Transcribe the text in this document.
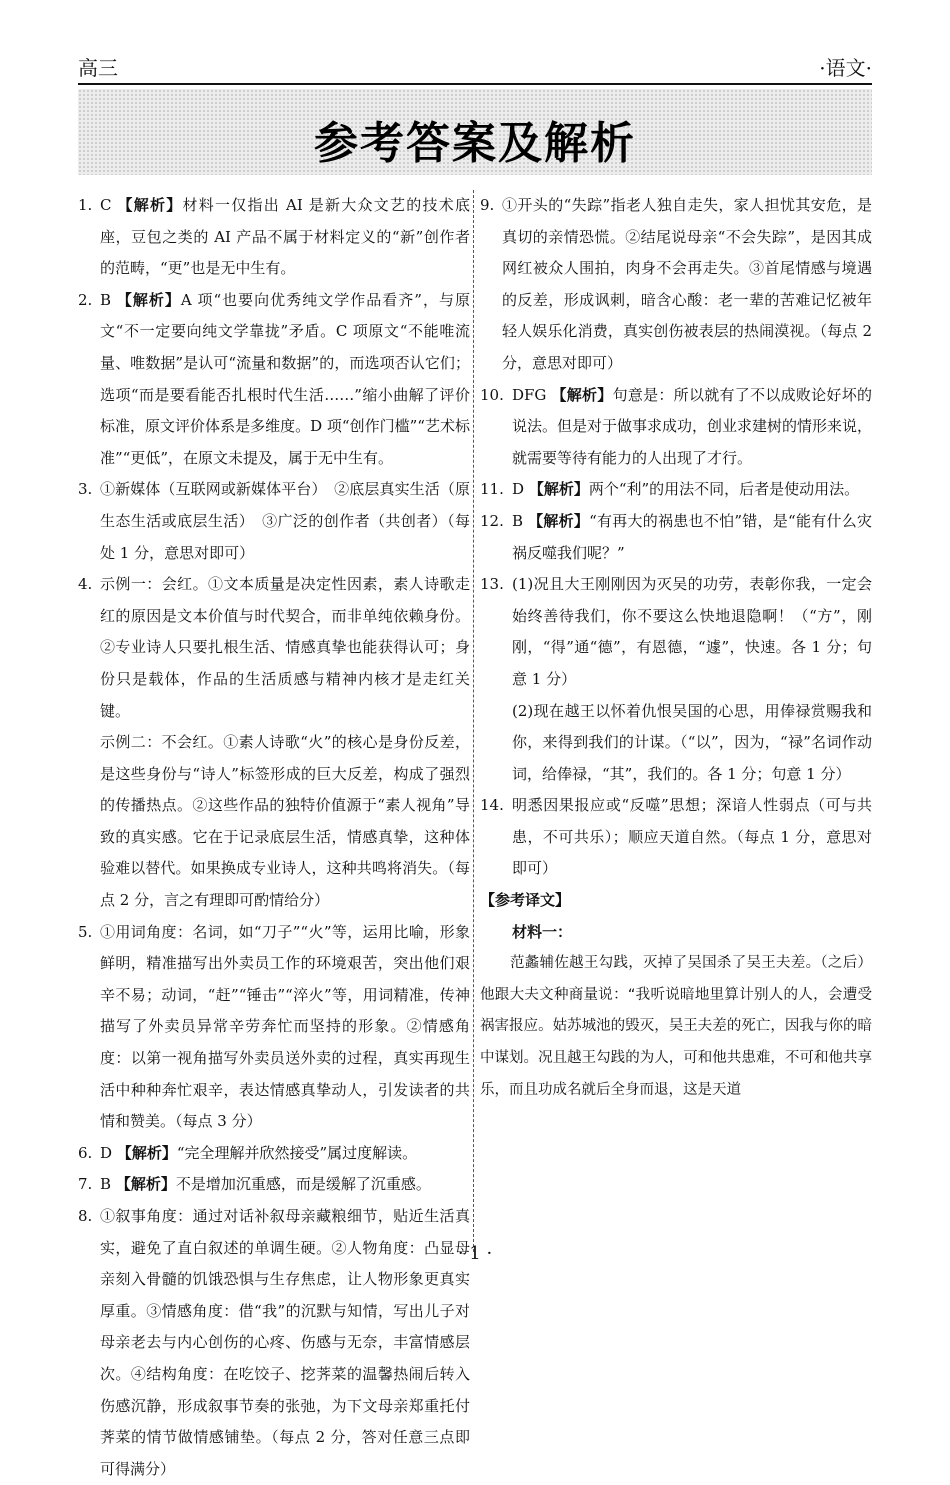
高三	·语文·
参考答案及解析
1. C 【解析】材料一仅指出 AI 是新大众文艺的技术底座，豆包之类的 AI 产品不属于材料定义的“新”创作者的范畴，“更”也是无中生有。
2. B 【解析】A 项“也要向优秀纯文学作品看齐”，与原文“不一定要向纯文学靠拢”矛盾。C 项原文“不能唯流量、唯数据”是认可“流量和数据”的，而选项否认它们；选项“而是要看能否扎根时代生活……”缩小曲解了评价标准，原文评价体系是多维度。D 项“创作门槛”“艺术标准”“更低”，在原文未提及，属于无中生有。
3. ①新媒体（互联网或新媒体平台）　②底层真实生活（原生态生活或底层生活）　③广泛的创作者（共创者）（每处 1 分，意思对即可）
4. 示例一：会红。①文本质量是决定性因素，素人诗歌走红的原因是文本价值与时代契合，而非单纯依赖身份。②专业诗人只要扎根生活、情感真挚也能获得认可；身份只是载体，作品的生活质感与精神内核才是走红关键。
示例二：不会红。①素人诗歌“火”的核心是身份反差，是这些身份与“诗人”标签形成的巨大反差，构成了强烈的传播热点。②这些作品的独特价值源于“素人视角”导致的真实感。它在于记录底层生活，情感真挚，这种体验难以替代。如果换成专业诗人，这种共鸣将消失。（每点 2 分，言之有理即可酌情给分）
5. ①用词角度：名词，如“刀子”“火”等，运用比喻，形象鲜明，精准描写出外卖员工作的环境艰苦，突出他们艰辛不易；动词，“赶”“锤击”“淬火”等，用词精准，传神描写了外卖员异常辛劳奔忙而坚持的形象。②情感角度：以第一视角描写外卖员送外卖的过程，真实再现生活中种种奔忙艰辛，表达情感真挚动人，引发读者的共情和赞美。（每点 3 分）
6. D 【解析】“完全理解并欣然接受”属过度解读。
7. B 【解析】不是增加沉重感，而是缓解了沉重感。
8. ①叙事角度：通过对话补叙母亲藏粮细节，贴近生活真实，避免了直白叙述的单调生硬。②人物角度：凸显母亲刻入骨髓的饥饿恐惧与生存焦虑，让人物形象更真实厚重。③情感角度：借“我”的沉默与知情，写出儿子对母亲老去与内心创伤的心疼、伤感与无奈，丰富情感层次。④结构角度：在吃饺子、挖荠菜的温馨热闹后转入伤感沉静，形成叙事节奏的张弛，为下文母亲郑重托付荠菜的情节做情感铺垫。（每点 2 分，答对任意三点即可得满分）
9. ①开头的“失踪”指老人独自走失，家人担忧其安危，是真切的亲情恐慌。②结尾说母亲“不会失踪”，是因其成网红被众人围拍，肉身不会再走失。③首尾情感与境遇的反差，形成讽刺，暗含心酸：老一辈的苦难记忆被年轻人娱乐化消费，真实创伤被表层的热闹漠视。（每点 2 分，意思对即可）
10. DFG 【解析】句意是：所以就有了不以成败论好坏的说法。但是对于做事求成功，创业求建树的情形来说，就需要等待有能力的人出现了才行。
11. D 【解析】两个“利”的用法不同，后者是使动用法。
12. B 【解析】“有再大的祸患也不怕”错，是“能有什么灾祸反噬我们呢？”
13. (1)况且大王刚刚因为灭吴的功劳，表彰你我，一定会始终善待我们，你不要这么快地退隐啊！（“方”，刚刚，“得”通“德”，有恩德，“遽”，快速。各 1 分；句意 1 分）
(2)现在越王以怀着仇恨吴国的心思，用俸禄赏赐我和你，来得到我们的计谋。（“以”，因为，“禄”名词作动词，给俸禄，“其”，我们的。各 1 分；句意 1 分）
14. 明悉因果报应或“反噬”思想；深谙人性弱点（可与共患，不可共乐）；顺应天道自然。（每点 1 分，意思对即可）
【参考译文】
材料一：
范蠡辅佐越王勾践，灭掉了吴国杀了吴王夫差。（之后）他跟大夫文种商量说：“我听说暗地里算计别人的人，会遭受祸害报应。姑苏城池的毁灭，吴王夫差的死亡，因我与你的暗中谋划。况且越王勾践的为人，可和他共患难，不可和他共享乐，而且功成名就后全身而退，这是天道
· 1 ·
